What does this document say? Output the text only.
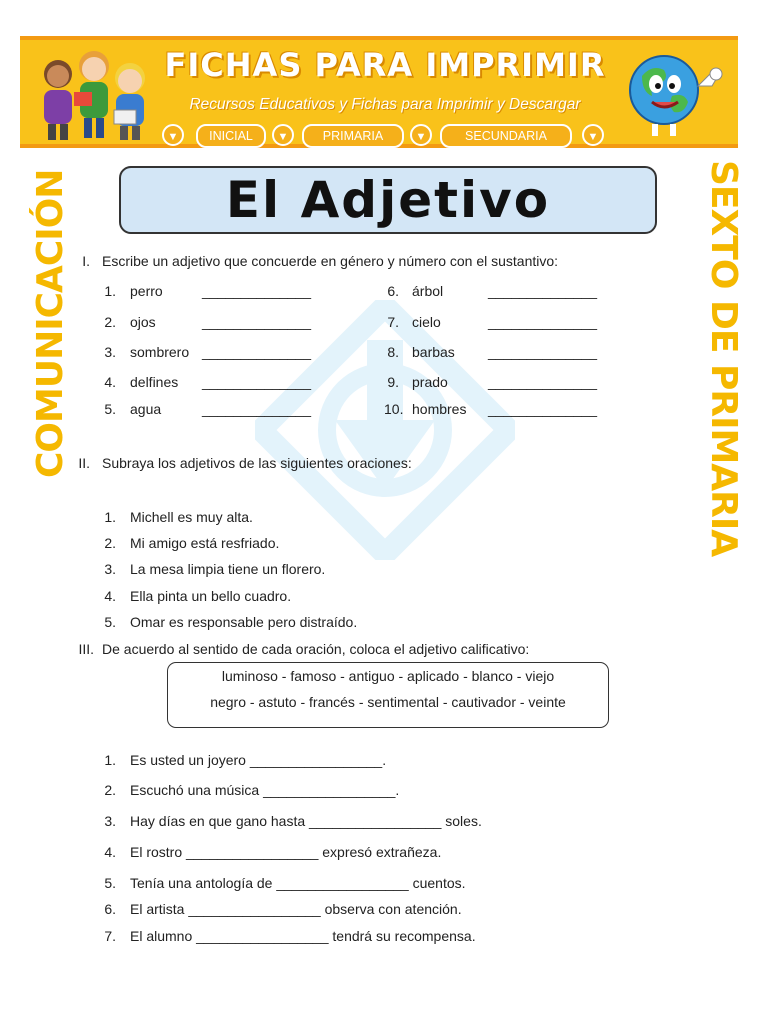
FICHAS PARA IMPRIMIR
Recursos Educativos y Fichas para Imprimir y Descargar
▼	INICIAL	▼	PRIMARIA	▼	SECUNDARIA	▼
El Adjetivo
COMUNICACIÓN	SEXTO DE PRIMARIA
I. Escribe un adjetivo que concuerde en género y número con el sustantivo:
1. perro	______________
2. ojos	______________
3. sombrero ______________
4. delfines ______________
5. agua	______________
6. árbol	______________
7. cielo	______________
8. barbas ______________
9. prado	______________
10. hombres ______________
II. Subraya los adjetivos de las siguientes oraciones:
1. Michell es muy alta.
2. Mi amigo está resfriado.
3. La mesa limpia tiene un florero.
4. Ella pinta un bello cuadro.
5. Omar es responsable pero distraído.
III. De acuerdo al sentido de cada oración, coloca el adjetivo calificativo:
luminoso - famoso - antiguo - aplicado - blanco - viejo
negro - astuto - francés - sentimental - cautivador - veinte
1. Es usted un joyero _________________.
2. Escuchó una música _________________.
3. Hay días en que gano hasta _________________ soles.
4. El rostro _________________ expresó extrañeza.
5. Tenía una antología de _________________ cuentos.
6. El artista _________________ observa con atención.
7. El alumno _________________ tendrá su recompensa.
